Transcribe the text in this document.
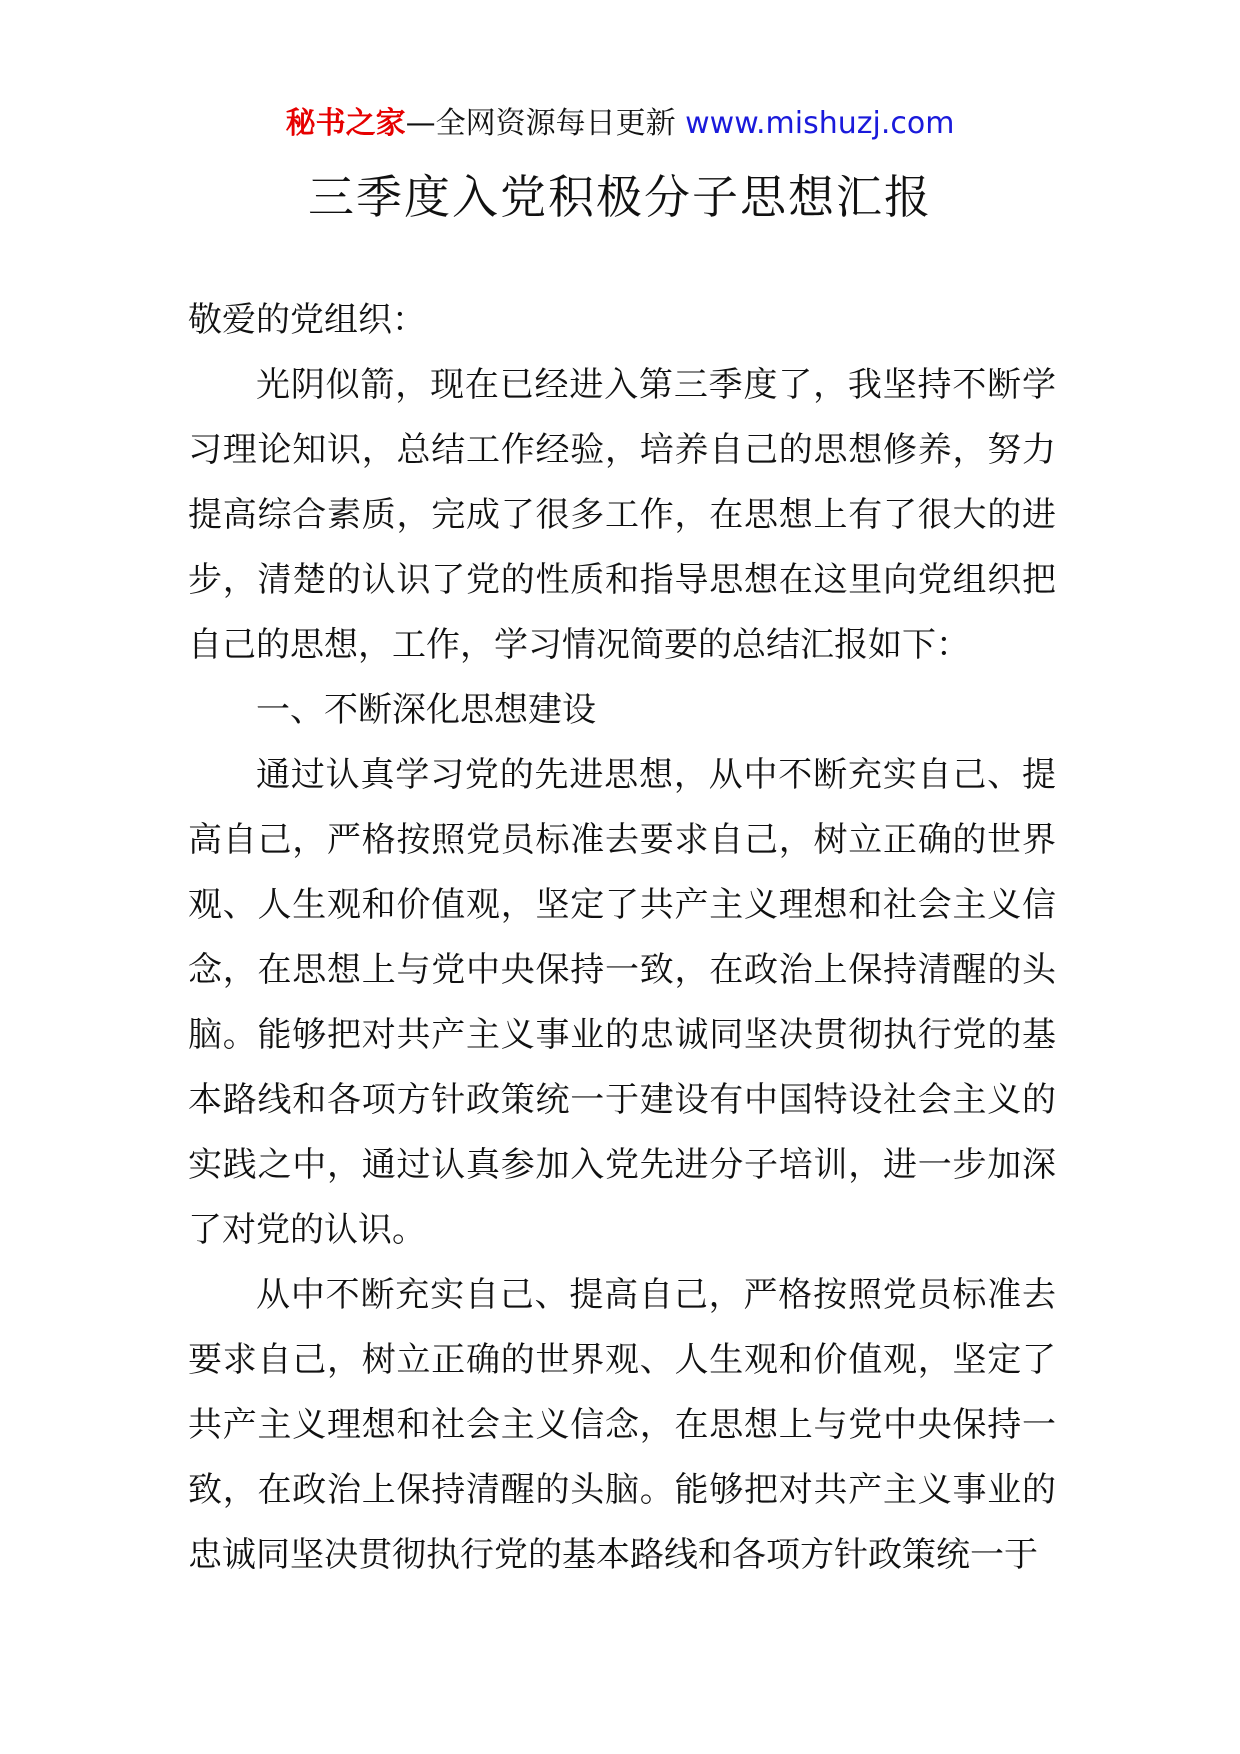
秘书之家—全网资源每日更新 www.mishuzj.com
三季度入党积极分子思想汇报

敬爱的党组织：

光阴似箭，现在已经进入第三季度了，我坚持不断学习理论知识，总结工作经验，培养自己的思想修养，努力提高综合素质，完成了很多工作，在思想上有了很大的进步，清楚的认识了党的性质和指导思想在这里向党组织把自己的思想，工作，学习情况简要的总结汇报如下：

一、不断深化思想建设

通过认真学习党的先进思想，从中不断充实自己、提高自己，严格按照党员标准去要求自己，树立正确的世界观、人生观和价值观，坚定了共产主义理想和社会主义信念，在思想上与党中央保持一致，在政治上保持清醒的头脑。能够把对共产主义事业的忠诚同坚决贯彻执行党的基本路线和各项方针政策统一于建设有中国特设社会主义的实践之中，通过认真参加入党先进分子培训，进一步加深了对党的认识。

从中不断充实自己、提高自己，严格按照党员标准去要求自己，树立正确的世界观、人生观和价值观，坚定了共产主义理想和社会主义信念，在思想上与党中央保持一致，在政治上保持清醒的头脑。能够把对共产主义事业的忠诚同坚决贯彻执行党的基本路线和各项方针政策统一于
